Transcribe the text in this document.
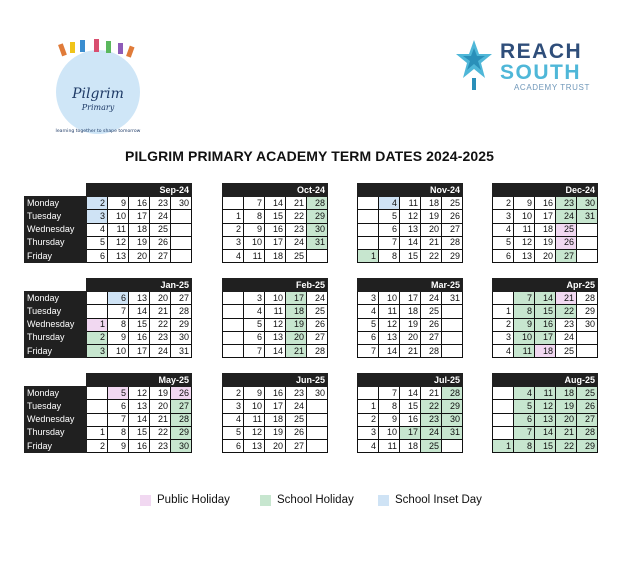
Pilgrim
Primary
learning together to shape tomorrow
REACH
SOUTH
ACADEMY TRUST
PILGRIM PRIMARY ACADEMY TERM DATES 2024-2025
	Sep-24				
Monday	2	9	16	23	30
Tuesday	3	10	17	24	
Wednesday	4	11	18	25	
Thursday	5	12	19	26	
Friday	6	13	20	27	
Oct-24				
	7	14	21	28
1	8	15	22	29
2	9	16	23	30
3	10	17	24	31
4	11	18	25	
Nov-24				
	4	11	18	25
	5	12	19	26
	6	13	20	27
	7	14	21	28
1	8	15	22	29
Dec-24				
2	9	16	23	30
3	10	17	24	31
4	11	18	25	
5	12	19	26	
6	13	20	27	
	Jan-25				
Monday		6	13	20	27
Tuesday		7	14	21	28
Wednesday	1	8	15	22	29
Thursday	2	9	16	23	30
Friday	3	10	17	24	31
Feb-25				
	3	10	17	24
	4	11	18	25
	5	12	19	26
	6	13	20	27
	7	14	21	28
Mar-25				
3	10	17	24	31
4	11	18	25	
5	12	19	26	
6	13	20	27	
7	14	21	28	
Apr-25				
	7	14	21	28
1	8	15	22	29
2	9	16	23	30
3	10	17	24	
4	11	18	25	
	May-25				
Monday		5	12	19	26
Tuesday		6	13	20	27
Wednesday		7	14	21	28
Thursday	1	8	15	22	29
Friday	2	9	16	23	30
Jun-25				
2	9	16	23	30
3	10	17	24	
4	11	18	25	
5	12	19	26	
6	13	20	27	
Jul-25				
	7	14	21	28
1	8	15	22	29
2	9	16	23	30
3	10	17	24	31
4	11	18	25	
Aug-25				
	4	11	18	25
	5	12	19	26
	6	13	20	27
	7	14	21	28
1	8	15	22	29
Public Holiday	School Holiday	School Inset Day
